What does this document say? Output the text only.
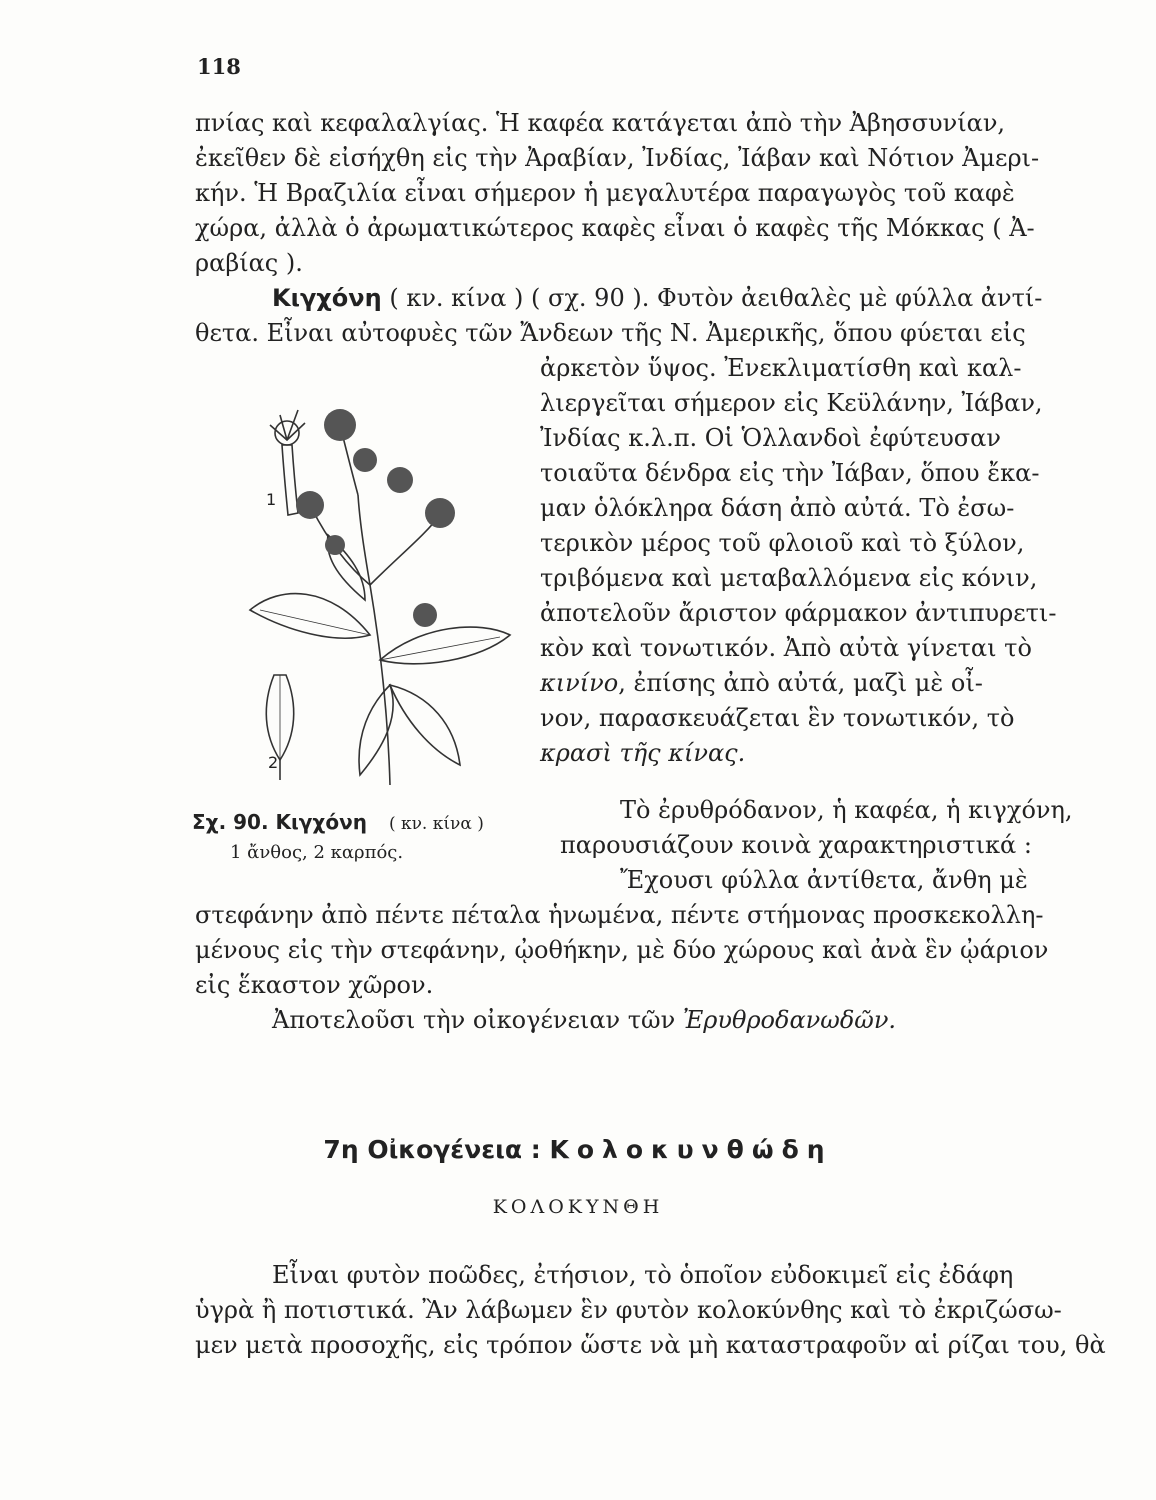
118
πνίας καὶ κεφαλαλγίας. Ἡ καφέα κατάγεται ἀπὸ τὴν Ἀβησσυνίαν,
ἐκεῖθεν δὲ εἰσήχθη εἰς τὴν Ἀραβίαν, Ἰνδίας, Ἰάβαν καὶ Νότιον Ἀμερι-
κήν. Ἡ Βραζιλία εἶναι σήμερον ἡ μεγαλυτέρα παραγωγὸς τοῦ καφὲ
χώρα, ἀλλὰ ὁ ἀρωματικώτερος καφὲς εἶναι ὁ καφὲς τῆς Μόκκας ( Ἀ-
ραβίας ).
Κιγχόνη ( κν. κίνα ) ( σχ. 90 ). Φυτὸν ἀειθαλὲς μὲ φύλλα ἀντί-
θετα. Εἶναι αὐτοφυὲς τῶν Ἄνδεων τῆς Ν. Ἀμερικῆς, ὅπου φύεται εἰς
ἀρκετὸν ὕψος. Ἐνεκλιματίσθη καὶ καλ-
λιεργεῖται σήμερον εἰς Κεϋλάνην, Ἰάβαν,
Ἰνδίας κ.λ.π. Οἱ Ὁλλανδοὶ ἐφύτευσαν
τοιαῦτα δένδρα εἰς τὴν Ἰάβαν, ὅπου ἔκα-
μαν ὁλόκληρα δάση ἀπὸ αὐτά. Τὸ ἐσω-
τερικὸν μέρος τοῦ φλοιοῦ καὶ τὸ ξύλον,
τριβόμενα καὶ μεταβαλλόμενα εἰς κόνιν,
ἀποτελοῦν ἄριστον φάρμακον ἀντιπυρετι-
κὸν καὶ τονωτικόν. Ἀπὸ αὐτὰ γίνεται τὸ
κινίνο, ἐπίσης ἀπὸ αὐτά, μαζὶ μὲ οἶ-
νον, παρασκευάζεται ἓν τονωτικόν, τὸ
κρασὶ τῆς κίνας.
1
2
Σχ. 90. Κιγχόνη ( κν. κίνα )
1 ἄνθος, 2 καρπός.
Τὸ ἐρυθρόδανον, ἡ καφέα, ἡ κιγχόνη,
παρουσιάζουν κοινὰ χαρακτηριστικά :
Ἔχουσι φύλλα ἀντίθετα, ἄνθη μὲ
στεφάνην ἀπὸ πέντε πέταλα ἡνωμένα, πέντε στήμονας προσκεκολλη-
μένους εἰς τὴν στεφάνην, ᾠοθήκην, μὲ δύο χώρους καὶ ἀνὰ ἓν ᾠάριον
εἰς ἕκαστον χῶρον.
Ἀποτελοῦσι τὴν οἰκογένειαν τῶν Ἐρυθροδανωδῶν.
7η Οἰκογένεια : Κολοκυνθώδη
ΚΟΛΟΚΥΝΘΗ
Εἶναι φυτὸν ποῶδες, ἐτήσιον, τὸ ὁποῖον εὐδοκιμεῖ εἰς ἐδάφη
ὑγρὰ ἢ ποτιστικά. Ἂν λάβωμεν ἓν φυτὸν κολοκύνθης καὶ τὸ ἐκριζώσω-
μεν μετὰ προσοχῆς, εἰς τρόπον ὥστε νὰ μὴ καταστραφοῦν αἱ ρίζαι του, θὰ
